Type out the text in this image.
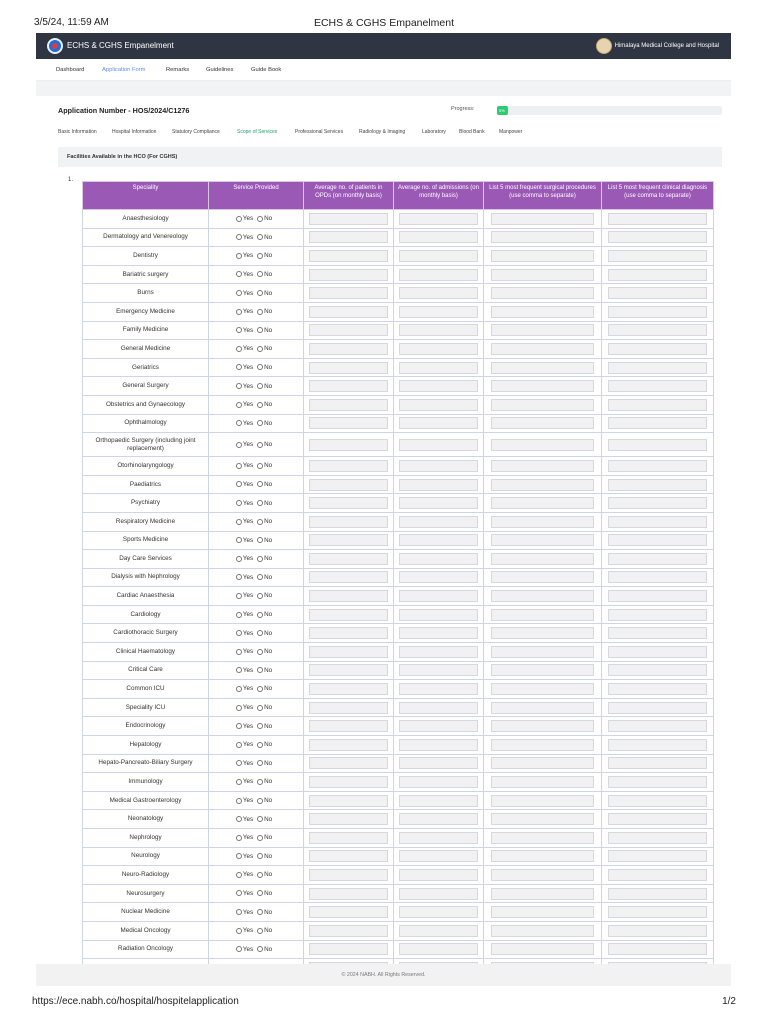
3/5/24, 11:59 AM	ECHS & CGHS Empanelment
ECHS & CGHS Empanelment	Himalaya Medical College and Hospital
Dashboard	Application Form	Remarks	Guidelines	Guide Book
Application Number - HOS/2024/C1276	Progress:	5%
Basic Information	Hospital Information	Statutory Compliance	Scope of Services	Professional Services	Radiology & Imaging	Laboratory	Blood Bank	Manpower
Facilities Available in the HCO (For CGHS)
1.
Speciality	Service Provided	Average no. of patients in OPDs (on monthly basis)	Average no. of admissions (on monthly basis)	List 5 most frequent surgical procedures (use comma to separate)	List 5 most frequent clinical diagnosis (use comma to separate)
Anaesthesiology	Yes No	

Dermatology and Venereology	Yes No	

Dentistry	Yes No	

Bariatric surgery	Yes No	

Burns	Yes No	

Emergency Medicine	Yes No	

Family Medicine	Yes No	

General Medicine	Yes No	

Geriatrics	Yes No	

General Surgery	Yes No	

Obstetrics and Gynaecology	Yes No	

Ophthalmology	Yes No	

Orthopaedic Surgery (including joint replacement)	Yes No	

Otorhinolaryngology	Yes No	

Paediatrics	Yes No	

Psychiatry	Yes No	

Respiratory Medicine	Yes No	

Sports Medicine	Yes No	

Day Care Services	Yes No	

Dialysis with Nephrology	Yes No	

Cardiac Anaesthesia	Yes No	

Cardiology	Yes No	

Cardiothoracic Surgery	Yes No	

Clinical Haematology	Yes No	

Critical Care	Yes No	

Common ICU	Yes No	

Speciality ICU	Yes No	

Endocrinology	Yes No	

Hepatology	Yes No	

Hepato-Pancreato-Biliary Surgery	Yes No	

Immunology	Yes No	

Medical Gastroenterology	Yes No	

Neonatology	Yes No	

Nephrology	Yes No	

Neurology	Yes No	

Neuro-Radiology	Yes No	

Neurosurgery	Yes No	

Nuclear Medicine	Yes No	

Medical Oncology	Yes No	

Radiation Oncology	Yes No	

© 2024 NABH. All Rights Reserved.
https://ece.nabh.co/hospital/hospitelapplication	1/2
